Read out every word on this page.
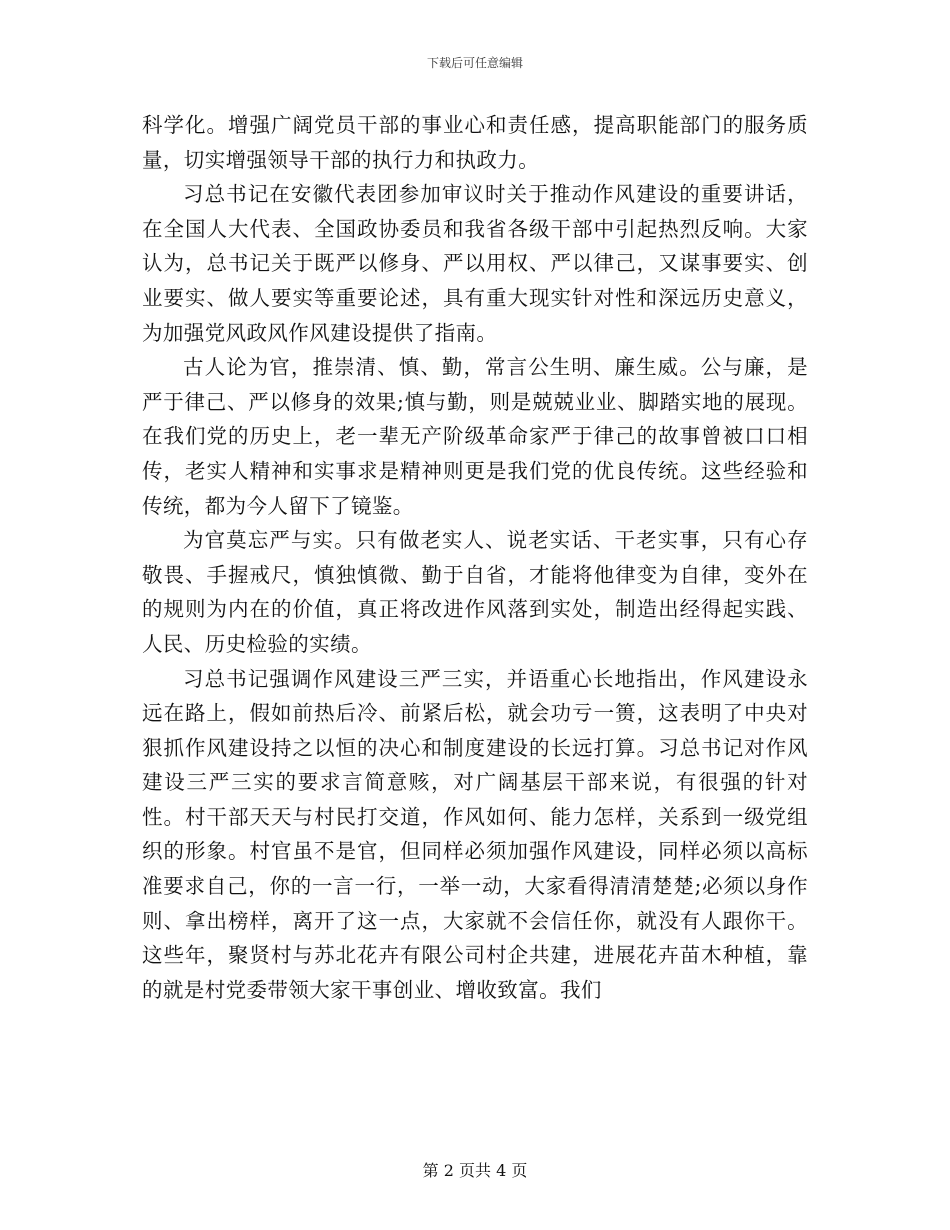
下载后可任意编辑

科学化。增强广阔党员干部的事业心和责任感，提高职能部门的服务质量，切实增强领导干部的执行力和执政力。

习总书记在安徽代表团参加审议时关于推动作风建设的重要讲话，在全国人大代表、全国政协委员和我省各级干部中引起热烈反响。大家认为，总书记关于既严以修身、严以用权、严以律己，又谋事要实、创业要实、做人要实等重要论述，具有重大现实针对性和深远历史意义，为加强党风政风作风建设提供了指南。

古人论为官，推崇清、慎、勤，常言公生明、廉生威。公与廉，是严于律己、严以修身的效果;慎与勤，则是兢兢业业、脚踏实地的展现。在我们党的历史上，老一辈无产阶级革命家严于律己的故事曾被口口相传，老实人精神和实事求是精神则更是我们党的优良传统。这些经验和传统，都为今人留下了镜鉴。

为官莫忘严与实。只有做老实人、说老实话、干老实事，只有心存敬畏、手握戒尺，慎独慎微、勤于自省，才能将他律变为自律，变外在的规则为内在的价值，真正将改进作风落到实处，制造出经得起实践、人民、历史检验的实绩。

习总书记强调作风建设三严三实，并语重心长地指出，作风建设永远在路上，假如前热后冷、前紧后松，就会功亏一篑，这表明了中央对狠抓作风建设持之以恒的决心和制度建设的长远打算。习总书记对作风建设三严三实的要求言简意赅，对广阔基层干部来说，有很强的针对性。村干部天天与村民打交道，作风如何、能力怎样，关系到一级党组织的形象。村官虽不是官，但同样必须加强作风建设，同样必须以高标准要求自己，你的一言一行，一举一动，大家看得清清楚楚;必须以身作则、拿出榜样，离开了这一点，大家就不会信任你，就没有人跟你干。这些年，聚贤村与苏北花卉有限公司村企共建，进展花卉苗木种植，靠的就是村党委带领大家干事创业、增收致富。我们

第 2 页共 4 页
